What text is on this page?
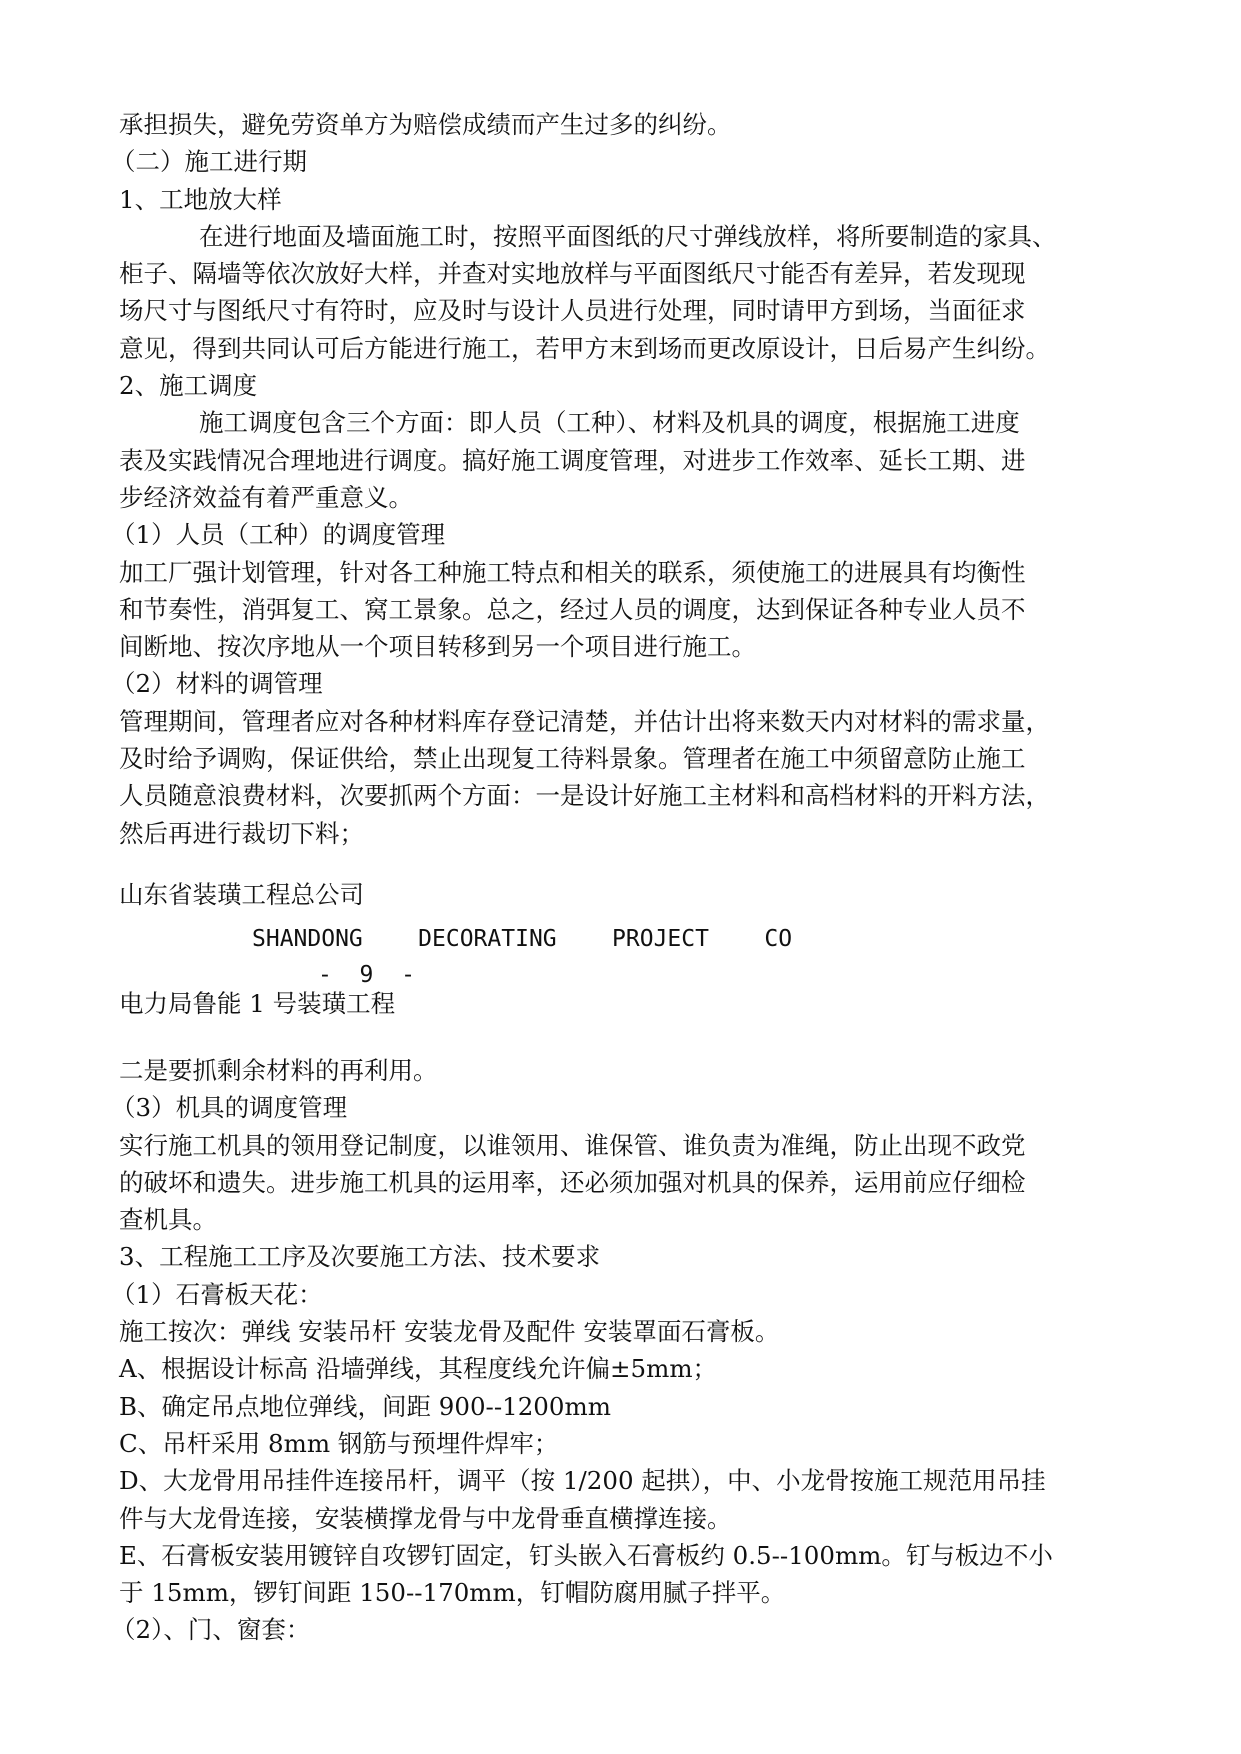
承担损失，避免劳资单方为赔偿成绩而产生过多的纠纷。
（二）施工进行期
1、工地放大样
在进行地面及墙面施工时，按照平面图纸的尺寸弹线放样，将所要制造的家具、
柜子、隔墙等依次放好大样，并查对实地放样与平面图纸尺寸能否有差异，若发现现
场尺寸与图纸尺寸有符时，应及时与设计人员进行处理，同时请甲方到场，当面征求
意见，得到共同认可后方能进行施工，若甲方末到场而更改原设计，日后易产生纠纷。
2、施工调度
施工调度包含三个方面：即人员（工种）、材料及机具的调度，根据施工进度
表及实践情况合理地进行调度。搞好施工调度管理，对进步工作效率、延长工期、进
步经济效益有着严重意义。
（1）人员（工种）的调度管理
加工厂强计划管理，针对各工种施工特点和相关的联系，须使施工的进展具有均衡性
和节奏性，消弭复工、窝工景象。总之，经过人员的调度，达到保证各种专业人员不
间断地、按次序地从一个项目转移到另一个项目进行施工。
（2）材料的调管理
管理期间，管理者应对各种材料库存登记清楚，并估计出将来数天内对材料的需求量，
及时给予调购，保证供给，禁止出现复工待料景象。管理者在施工中须留意防止施工
人员随意浪费材料，次要抓两个方面：一是设计好施工主材料和高档材料的开料方法，
然后再进行裁切下料；
山东省装璜工程总公司
SHANDONG    DECORATING    PROJECT    CO
-  9  -
电力局鲁能 1 号装璜工程
二是要抓剩余材料的再利用。
（3）机具的调度管理
实行施工机具的领用登记制度，以谁领用、谁保管、谁负责为准绳，防止出现不政党
的破坏和遗失。进步施工机具的运用率，还必须加强对机具的保养，运用前应仔细检
查机具。
3、工程施工工序及次要施工方法、技术要求
（1）石膏板天花：
施工按次：弹线 安装吊杆 安装龙骨及配件 安装罩面石膏板。
A、根据设计标高 沿墙弹线，其程度线允许偏±5mm；
B、确定吊点地位弹线，间距 900--1200mm
C、吊杆采用 8mm 钢筋与预埋件焊牢；
D、大龙骨用吊挂件连接吊杆，调平（按 1/200 起拱），中、小龙骨按施工规范用吊挂
件与大龙骨连接，安装横撑龙骨与中龙骨垂直横撑连接。
E、石膏板安装用镀锌自攻锣钉固定，钉头嵌入石膏板约 0.5--100mm。钉与板边不小
于 15mm，锣钉间距 150--170mm，钉帽防腐用腻子拌平。
（2）、门、窗套：
